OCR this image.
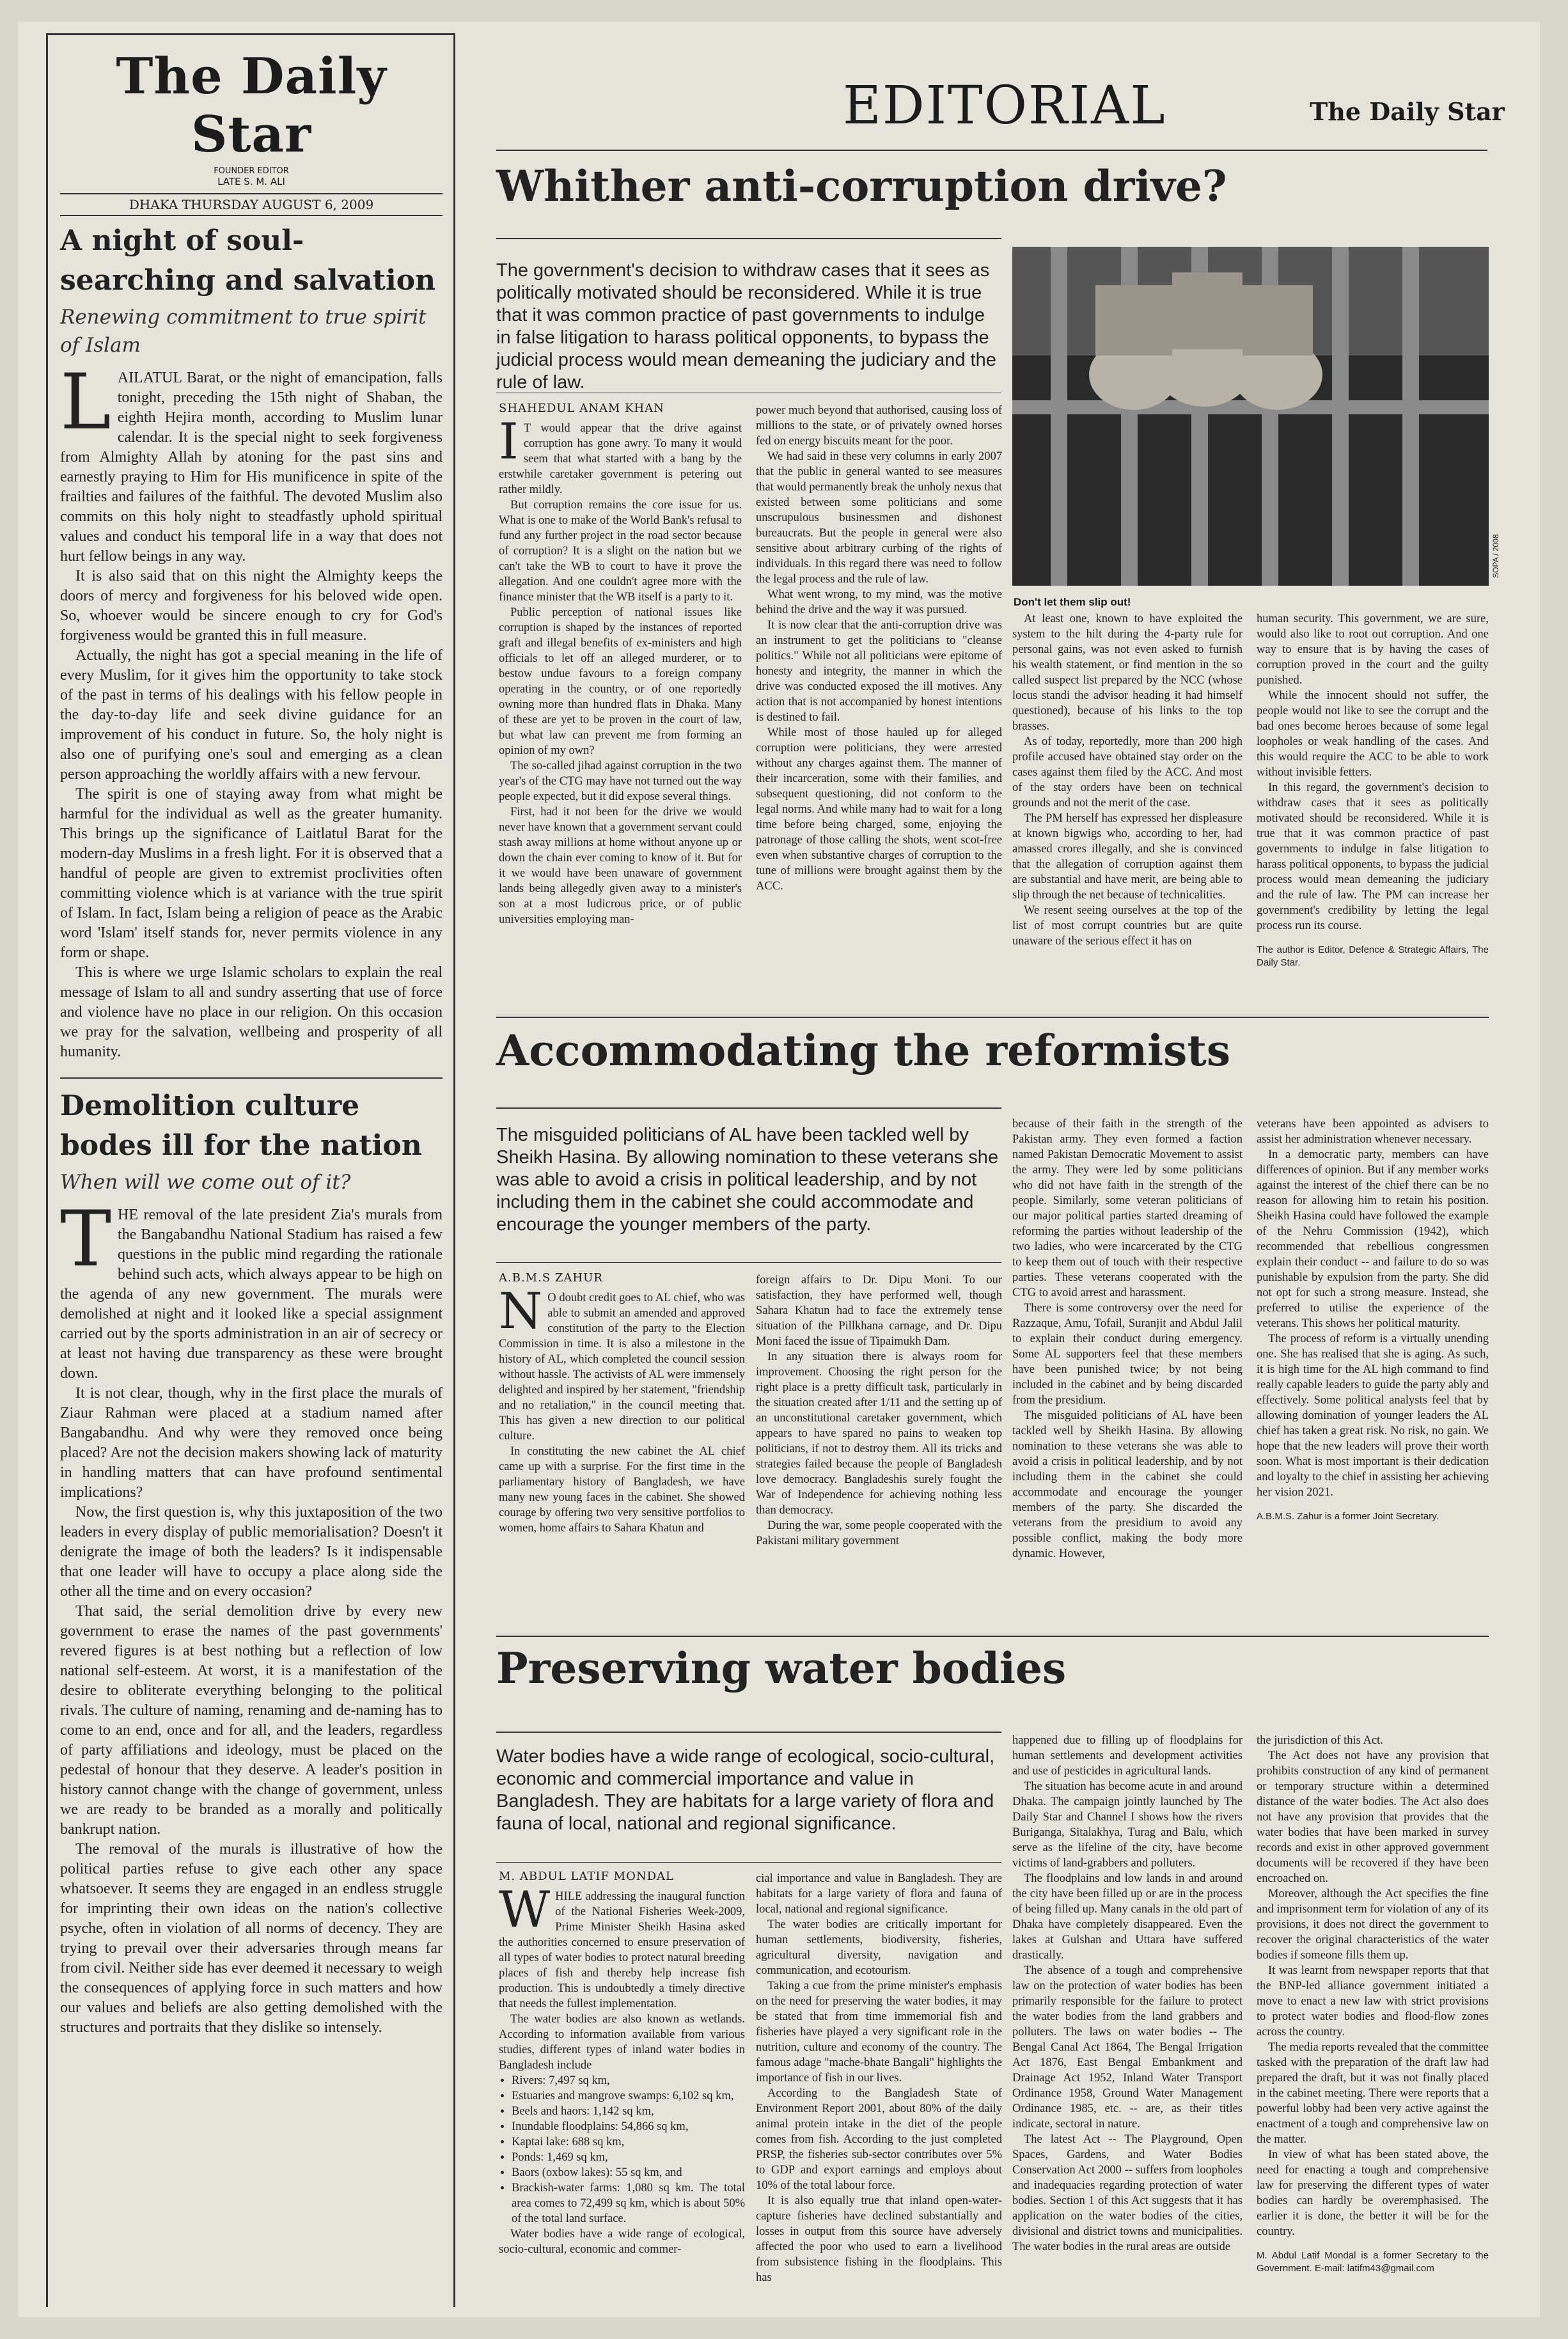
The Daily Star
FOUNDER EDITOR
LATE S. M. ALI
DHAKA THURSDAY AUGUST 6, 2009
A night of soul-searching and salvation
Renewing commitment to true spirit of Islam

LAILATUL Barat, or the night of emancipation, falls tonight, preceding the 15th night of Shaban, the eighth Hejira month, according to Muslim lunar calendar. It is the special night to seek forgiveness from Almighty Allah by atoning for the past sins and earnestly praying to Him for His munificence in spite of the frailties and failures of the faithful. The devoted Muslim also commits on this holy night to steadfastly uphold spiritual values and conduct his temporal life in a way that does not hurt fellow beings in any way.

It is also said that on this night the Almighty keeps the doors of mercy and forgiveness for his beloved wide open. So, whoever would be sincere enough to cry for God's forgiveness would be granted this in full measure.

Actually, the night has got a special meaning in the life of every Muslim, for it gives him the opportunity to take stock of the past in terms of his dealings with his fellow people in the day-to-day life and seek divine guidance for an improvement of his conduct in future. So, the holy night is also one of purifying one's soul and emerging as a clean person approaching the worldly affairs with a new fervour.

The spirit is one of staying away from what might be harmful for the individual as well as the greater humanity. This brings up the significance of Laitlatul Barat for the modern-day Muslims in a fresh light. For it is observed that a handful of people are given to extremist proclivities often committing violence which is at variance with the true spirit of Islam. In fact, Islam being a religion of peace as the Arabic word 'Islam' itself stands for, never permits violence in any form or shape.

This is where we urge Islamic scholars to explain the real message of Islam to all and sundry asserting that use of force and violence have no place in our religion. On this occasion we pray for the salvation, wellbeing and prosperity of all humanity.

Demolition culture bodes ill for the nation
When will we come out of it?

THE removal of the late president Zia's murals from the Bangabandhu National Stadium has raised a few questions in the public mind regarding the rationale behind such acts, which always appear to be high on the agenda of any new government. The murals were demolished at night and it looked like a special assignment carried out by the sports administration in an air of secrecy or at least not having due transparency as these were brought down.

It is not clear, though, why in the first place the murals of Ziaur Rahman were placed at a stadium named after Bangabandhu. And why were they removed once being placed? Are not the decision makers showing lack of maturity in handling matters that can have profound sentimental implications?

Now, the first question is, why this juxtaposition of the two leaders in every display of public memorialisation? Doesn't it denigrate the image of both the leaders? Is it indispensable that one leader will have to occupy a place along side the other all the time and on every occasion?

That said, the serial demolition drive by every new government to erase the names of the past governments' revered figures is at best nothing but a reflection of low national self-esteem. At worst, it is a manifestation of the desire to obliterate everything belonging to the political rivals. The culture of naming, renaming and de-naming has to come to an end, once and for all, and the leaders, regardless of party affiliations and ideology, must be placed on the pedestal of honour that they deserve. A leader's position in history cannot change with the change of government, unless we are ready to be branded as a morally and politically bankrupt nation.

The removal of the murals is illustrative of how the political parties refuse to give each other any space whatsoever. It seems they are engaged in an endless struggle for imprinting their own ideas on the nation's collective psyche, often in violation of all norms of decency. They are trying to prevail over their adversaries through means far from civil. Neither side has ever deemed it necessary to weigh the consequences of applying force in such matters and how our values and beliefs are also getting demolished with the structures and portraits that they dislike so intensely.

EDITORIAL	The Daily Star
Whither anti-corruption drive?
The government's decision to withdraw cases that it sees as politically motivated should be reconsidered. While it is true that it was common practice of past governments to indulge in false litigation to harass political opponents, to bypass the judicial process would mean demeaning the judiciary and the rule of law.
SHAHEDUL ANAM KHAN

I T would appear that the drive against corruption has gone awry. To many it would seem that what started with a bang by the erstwhile caretaker government is petering out rather mildly.

But corruption remains the core issue for us. What is one to make of the World Bank's refusal to fund any further project in the road sector because of corruption? It is a slight on the nation but we can't take the WB to court to have it prove the allegation. And one couldn't agree more with the finance minister that the WB itself is a party to it.

Public perception of national issues like corruption is shaped by the instances of reported graft and illegal benefits of ex-ministers and high officials to let off an alleged murderer, or to bestow undue favours to a foreign company operating in the country, or of one reportedly owning more than hundred flats in Dhaka. Many of these are yet to be proven in the court of law, but what law can prevent me from forming an opinion of my own?

The so-called jihad against corruption in the two year's of the CTG may have not turned out the way people expected, but it did expose several things.

First, had it not been for the drive we would never have known that a government servant could stash away millions at home without anyone up or down the chain ever coming to know of it. But for it we would have been unaware of government lands being allegedly given away to a minister's son at a most ludicrous price, or of public universities employing man-

power much beyond that authorised, causing loss of millions to the state, or of privately owned horses fed on energy biscuits meant for the poor.

We had said in these very columns in early 2007 that the public in general wanted to see measures that would permanently break the unholy nexus that existed between some politicians and some unscrupulous businessmen and dishonest bureaucrats. But the people in general were also sensitive about arbitrary curbing of the rights of individuals. In this regard there was need to follow the legal process and the rule of law.

What went wrong, to my mind, was the motive behind the drive and the way it was pursued.

It is now clear that the anti-corruption drive was an instrument to get the politicians to "cleanse politics." While not all politicians were epitome of honesty and integrity, the manner in which the drive was conducted exposed the ill motives. Any action that is not accompanied by honest intentions is destined to fail.

While most of those hauled up for alleged corruption were politicians, they were arrested without any charges against them. The manner of their incarceration, some with their families, and subsequent questioning, did not conform to the legal norms. And while many had to wait for a long time before being charged, some, enjoying the patronage of those calling the shots, went scot-free even when substantive charges of corruption to the tune of millions were brought against them by the ACC.

Don't let them slip out!
SOPA / 2008

At least one, known to have exploited the system to the hilt during the 4-party rule for personal gains, was not even asked to furnish his wealth statement, or find mention in the so called suspect list prepared by the NCC (whose locus standi the advisor heading it had himself questioned), because of his links to the top brasses.

As of today, reportedly, more than 200 high profile accused have obtained stay order on the cases against them filed by the ACC. And most of the stay orders have been on technical grounds and not the merit of the case.

The PM herself has expressed her displeasure at known bigwigs who, according to her, had amassed crores illegally, and she is convinced that the allegation of corruption against them are substantial and have merit, are being able to slip through the net because of technicalities.

We resent seeing ourselves at the top of the list of most corrupt countries but are quite unaware of the serious effect it has on

human security. This government, we are sure, would also like to root out corruption. And one way to ensure that is by having the cases of corruption proved in the court and the guilty punished.

While the innocent should not suffer, the people would not like to see the corrupt and the bad ones become heroes because of some legal loopholes or weak handling of the cases. And this would require the ACC to be able to work without invisible fetters.

In this regard, the government's decision to withdraw cases that it sees as politically motivated should be reconsidered. While it is true that it was common practice of past governments to indulge in false litigation to harass political opponents, to bypass the judicial process would mean demeaning the judiciary and the rule of law. The PM can increase her government's credibility by letting the legal process run its course.

The author is Editor, Defence & Strategic Affairs, The Daily Star.
Accommodating the reformists
The misguided politicians of AL have been tackled well by Sheikh Hasina. By allowing nomination to these veterans she was able to avoid a crisis in political leadership, and by not including them in the cabinet she could accommodate and encourage the younger members of the party.
A.B.M.S ZAHUR

N O doubt credit goes to AL chief, who was able to submit an amended and approved constitution of the party to the Election Commission in time. It is also a milestone in the history of AL, which completed the council session without hassle. The activists of AL were immensely delighted and inspired by her statement, "friendship and no retaliation," in the council meeting that. This has given a new direction to our political culture.

In constituting the new cabinet the AL chief came up with a surprise. For the first time in the parliamentary history of Bangladesh, we have many new young faces in the cabinet. She showed courage by offering two very sensitive portfolios to women, home affairs to Sahara Khatun and

foreign affairs to Dr. Dipu Moni. To our satisfaction, they have performed well, though Sahara Khatun had to face the extremely tense situation of the Pillkhana carnage, and Dr. Dipu Moni faced the issue of Tipaimukh Dam.

In any situation there is always room for improvement. Choosing the right person for the right place is a pretty difficult task, particularly in the situation created after 1/11 and the setting up of an unconstitutional caretaker government, which appears to have spared no pains to weaken top politicians, if not to destroy them. All its tricks and strategies failed because the people of Bangladesh love democracy. Bangladeshis surely fought the War of Independence for achieving nothing less than democracy.

During the war, some people cooperated with the Pakistani military government

because of their faith in the strength of the Pakistan army. They even formed a faction named Pakistan Democratic Movement to assist the army. They were led by some politicians who did not have faith in the strength of the people. Similarly, some veteran politicians of our major political parties started dreaming of reforming the parties without leadership of the two ladies, who were incarcerated by the CTG to keep them out of touch with their respective parties. These veterans cooperated with the CTG to avoid arrest and harassment.

There is some controversy over the need for Razzaque, Amu, Tofail, Suranjit and Abdul Jalil to explain their conduct during emergency. Some AL supporters feel that these members have been punished twice; by not being included in the cabinet and by being discarded from the presidium.

The misguided politicians of AL have been tackled well by Sheikh Hasina. By allowing nomination to these veterans she was able to avoid a crisis in political leadership, and by not including them in the cabinet she could accommodate and encourage the younger members of the party. She discarded the veterans from the presidium to avoid any possible conflict, making the body more dynamic. However,

veterans have been appointed as advisers to assist her administration whenever necessary.

In a democratic party, members can have differences of opinion. But if any member works against the interest of the chief there can be no reason for allowing him to retain his position. Sheikh Hasina could have followed the example of the Nehru Commission (1942), which recommended that rebellious congressmen explain their conduct -- and failure to do so was punishable by expulsion from the party. She did not opt for such a strong measure. Instead, she preferred to utilise the experience of the veterans. This shows her political maturity.

The process of reform is a virtually unending one. She has realised that she is aging. As such, it is high time for the AL high command to find really capable leaders to guide the party ably and effectively. Some political analysts feel that by allowing domination of younger leaders the AL chief has taken a great risk. No risk, no gain. We hope that the new leaders will prove their worth soon. What is most important is their dedication and loyalty to the chief in assisting her achieving her vision 2021.

A.B.M.S. Zahur is a former Joint Secretary.
Preserving water bodies
Water bodies have a wide range of ecological, socio-cultural, economic and commercial importance and value in Bangladesh. They are habitats for a large variety of flora and fauna of local, national and regional significance.
M. ABDUL LATIF MONDAL

WHILE addressing the inaugural function of the National Fisheries Week-2009, Prime Minister Sheikh Hasina asked the authorities concerned to ensure preservation of all types of water bodies to protect natural breeding places of fish and thereby help increase fish production. This is undoubtedly a timely directive that needs the fullest implementation.

The water bodies are also known as wetlands. According to information available from various studies, different types of inland water bodies in Bangladesh include

• Rivers: 7,497 sq km,
• Estuaries and mangrove swamps: 6,102 sq km,
• Beels and haors: 1,142 sq km,
• Inundable floodplains: 54,866 sq km,
• Kaptai lake: 688 sq km,
• Ponds: 1,469 sq km,
• Baors (oxbow lakes): 55 sq km, and
• Brackish-water farms: 1,080 sq km. The total area comes to 72,499 sq km, which is about 50% of the total land surface.

Water bodies have a wide range of ecological, socio-cultural, economic and commer-

cial importance and value in Bangladesh. They are habitats for a large variety of flora and fauna of local, national and regional significance.

The water bodies are critically important for human settlements, biodiversity, fisheries, agricultural diversity, navigation and communication, and ecotourism.

Taking a cue from the prime minister's emphasis on the need for preserving the water bodies, it may be stated that from time immemorial fish and fisheries have played a very significant role in the nutrition, culture and economy of the country. The famous adage "mache-bhate Bangali" highlights the importance of fish in our lives.

According to the Bangladesh State of Environment Report 2001, about 80% of the daily animal protein intake in the diet of the people comes from fish. According to the just completed PRSP, the fisheries sub-sector contributes over 5% to GDP and export earnings and employs about 10% of the total labour force.

It is also equally true that inland open-water-capture fisheries have declined substantially and losses in output from this source have adversely affected the poor who used to earn a livelihood from subsistence fishing in the floodplains. This has

happened due to filling up of floodplains for human settlements and development activities and use of pesticides in agricultural lands.

The situation has become acute in and around Dhaka. The campaign jointly launched by The Daily Star and Channel I shows how the rivers Buriganga, Sitalakhya, Turag and Balu, which serve as the lifeline of the city, have become victims of land-grabbers and polluters.

The floodplains and low lands in and around the city have been filled up or are in the process of being filled up. Many canals in the old part of Dhaka have completely disappeared. Even the lakes at Gulshan and Uttara have suffered drastically.

The absence of a tough and comprehensive law on the protection of water bodies has been primarily responsible for the failure to protect the water bodies from the land grabbers and polluters. The laws on water bodies -- The Bengal Canal Act 1864, The Bengal Irrigation Act 1876, East Bengal Embankment and Drainage Act 1952, Inland Water Transport Ordinance 1958, Ground Water Management Ordinance 1985, etc. -- are, as their titles indicate, sectoral in nature.

The latest Act -- The Playground, Open Spaces, Gardens, and Water Bodies Conservation Act 2000 -- suffers from loopholes and inadequacies regarding protection of water bodies. Section 1 of this Act suggests that it has application on the water bodies of the cities, divisional and district towns and municipalities. The water bodies in the rural areas are outside

the jurisdiction of this Act.

The Act does not have any provision that prohibits construction of any kind of permanent or temporary structure within a determined distance of the water bodies. The Act also does not have any provision that provides that the water bodies that have been marked in survey records and exist in other approved government documents will be recovered if they have been encroached on.

Moreover, although the Act specifies the fine and imprisonment term for violation of any of its provisions, it does not direct the government to recover the original characteristics of the water bodies if someone fills them up.

It was learnt from newspaper reports that that the BNP-led alliance government initiated a move to enact a new law with strict provisions to protect water bodies and flood-flow zones across the country.

The media reports revealed that the committee tasked with the preparation of the draft law had prepared the draft, but it was not finally placed in the cabinet meeting. There were reports that a powerful lobby had been very active against the enactment of a tough and comprehensive law on the matter.

In view of what has been stated above, the need for enacting a tough and comprehensive law for preserving the different types of water bodies can hardly be overemphasised. The earlier it is done, the better it will be for the country.

M. Abdul Latif Mondal is a former Secretary to the Government. E-mail: latifm43@gmail.com
